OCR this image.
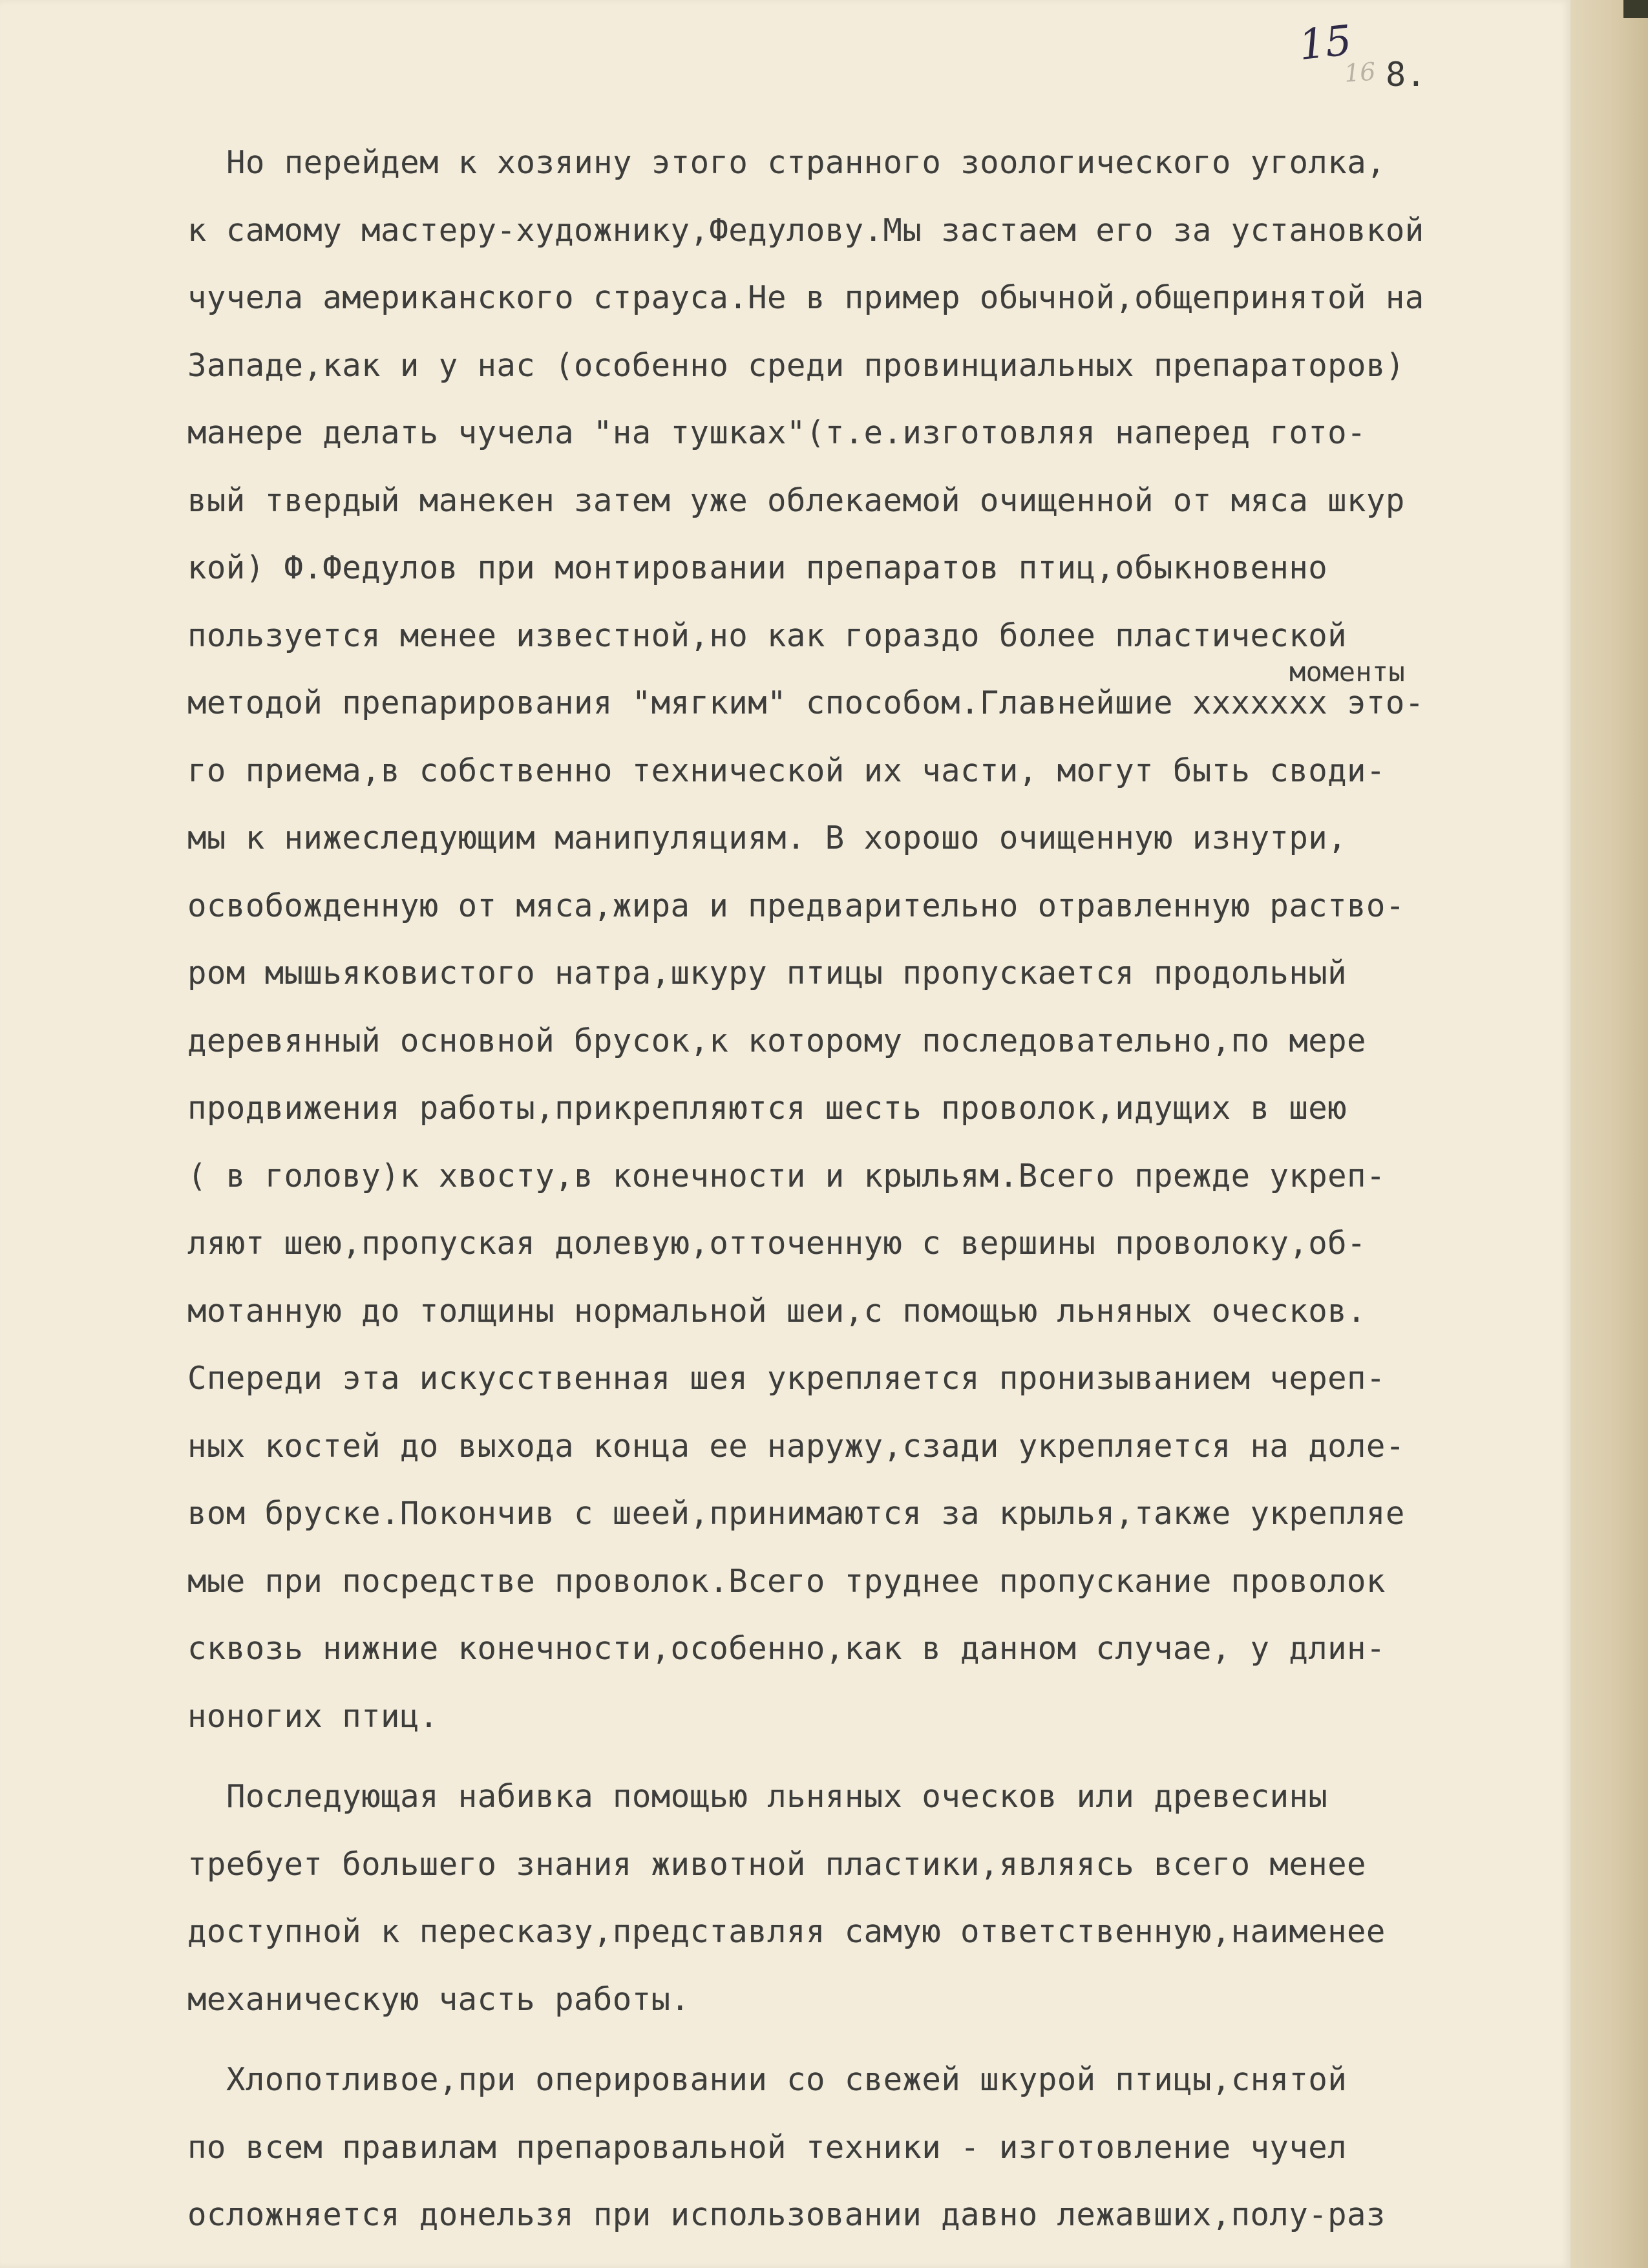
15
16 8.
моменты
Но перейдем к хозяину этого странного зоологического уголка,
к самому мастеру-художнику,Федулову.Мы застаем его за установкой
чучела американского страуса.Не в пример обычной,общепринятой на
Западе,как и у нас (особенно среди провинциальных препараторов)
манере делать чучела "на тушках"(т.е.изготовляя наперед гото-
вый твердый манекен затем уже облекаемой очищенной от мяса шкур
кой) Ф.Федулов при монтировании препаратов птиц,обыкновенно
пользуется менее известной,но как гораздо более пластической
методой препарирования "мягким" способом.Главнейшие xxxxxxx это-
го приема,в собственно технической их части, могут быть своди-
мы к нижеследующим манипуляциям. В хорошо очищенную изнутри,
освобожденную от мяса,жира и предварительно отравленную раство-
ром мышьяковистого натра,шкуру птицы пропускается продольный
деревянный основной брусок,к которому последовательно,по мере
продвижения работы,прикрепляются шесть проволок,идущих в шею
( в голову)к хвосту,в конечности и крыльям.Всего прежде укреп-
ляют шею,пропуская долевую,отточенную с вершины проволоку,об-
мотанную до толщины нормальной шеи,с помощью льняных оческов.
Спереди эта искусственная шея укрепляется пронизыванием череп-
ных костей до выхода конца ее наружу,сзади укрепляется на доле-
вом бруске.Покончив с шеей,принимаются за крылья,также укрепляе
мые при посредстве проволок.Всего труднее пропускание проволок
сквозь нижние конечности,особенно,как в данном случае, у длин-
ноногих птиц.
Последующая набивка помощью льняных оческов или древесины
требует большего знания животной пластики,являясь всего менее
доступной к пересказу,представляя самую ответственную,наименее
механическую часть работы.
Хлопотливое,при оперировании со свежей шкурой птицы,снятой
по всем правилам препаровальной техники - изготовление чучел
осложняется донельзя при использовании давно лежавших,полу-раз
